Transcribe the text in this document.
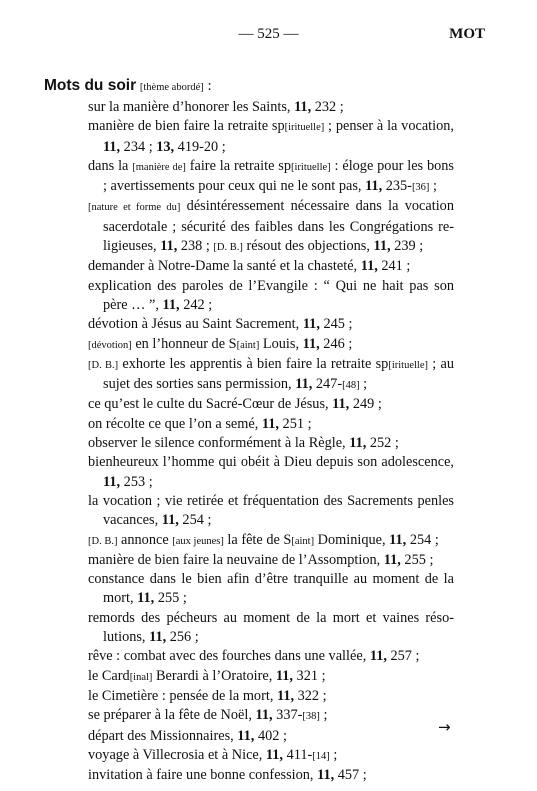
— 525 —	MOT
Mots du soir [thème abordé] :
sur la manière d’honorer les Saints, 11, 232 ;
manière de bien faire la retraite sp[irituelle] ; penser à la vocation, 11, 234 ; 13, 419-20 ;
dans la [manière de] faire la retraite sp[irituelle] : éloge pour les bons ; avertissements pour ceux qui ne le sont pas, 11, 235-[36] ;
[nature et forme du] désintéressement nécessaire dans la vocation sacerdotale ; sécurité des faibles dans les Congrégations religieuses, 11, 238 ; [D. B.] résout des objections, 11, 239 ;
demander à Notre-Dame la santé et la chasteté, 11, 241 ;
explication des paroles de l’Evangile : “ Qui ne hait pas son père … ”, 11, 242 ;
dévotion à Jésus au Saint Sacrement, 11, 245 ;
[dévotion] en l’honneur de S[aint] Louis, 11, 246 ;
[D. B.] exhorte les apprentis à bien faire la retraite sp[irituelle] ; au sujet des sorties sans permission, 11, 247-[48] ;
ce qu’est le culte du Sacré-Cœur de Jésus, 11, 249 ;
on récolte ce que l’on a semé, 11, 251 ;
observer le silence conformément à la Règle, 11, 252 ;
bienheureux l’homme qui obéit à Dieu depuis son adolescence, 11, 253 ;
la vocation ; vie retirée et fréquentation des Sacrements penles vacances, 11, 254 ;
[D. B.] annonce [aux jeunes] la fête de S[aint] Dominique, 11, 254 ;
manière de bien faire la neuvaine de l’Assomption, 11, 255 ;
constance dans le bien afin d’être tranquille au moment de la mort, 11, 255 ;
remords des pécheurs au moment de la mort et vaines résolutions, 11, 256 ;
rêve : combat avec des fourches dans une vallée, 11, 257 ;
le Card[inal] Berardi à l’Oratoire, 11, 321 ;
le Cimetière : pensée de la mort, 11, 322 ;
se préparer à la fête de Noël, 11, 337-[38] ;
départ des Missionnaires, 11, 402 ;
voyage à Villecrosia et à Nice, 11, 411-[14] ;
invitation à faire une bonne confession, 11, 457 ;
→
